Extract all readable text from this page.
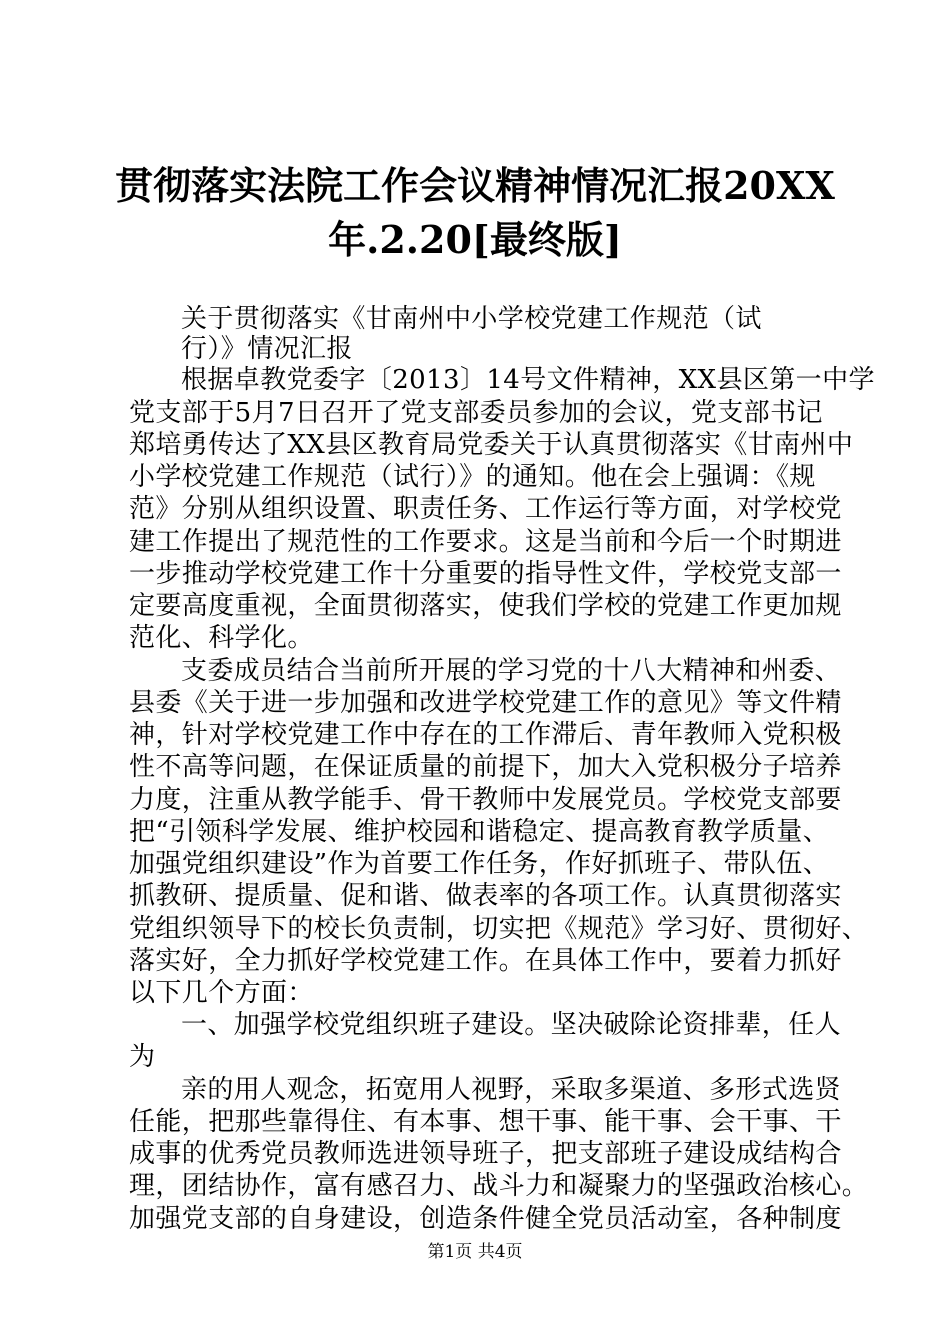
贯彻落实法院工作会议精神情况汇报20XX
年.2.20[最终版]
关于贯彻落实《甘南州中小学校党建工作规范（试
行）》情况汇报
根据卓教党委字〔2013〕14号文件精神，XX县区第一中学
党支部于5月7日召开了党支部委员参加的会议，党支部书记
郑培勇传达了XX县区教育局党委关于认真贯彻落实《甘南州中
小学校党建工作规范（试行）》的通知。他在会上强调：《规
范》分别从组织设置、职责任务、工作运行等方面，对学校党
建工作提出了规范性的工作要求。这是当前和今后一个时期进
一步推动学校党建工作十分重要的指导性文件，学校党支部一
定要高度重视，全面贯彻落实，使我们学校的党建工作更加规
范化、科学化。
支委成员结合当前所开展的学习党的十八大精神和州委、
县委《关于进一步加强和改进学校党建工作的意见》等文件精
神，针对学校党建工作中存在的工作滞后、青年教师入党积极
性不高等问题，在保证质量的前提下，加大入党积极分子培养
力度，注重从教学能手、骨干教师中发展党员。学校党支部要
把“引领科学发展、维护校园和谐稳定、提高教育教学质量、
加强党组织建设”作为首要工作任务，作好抓班子、带队伍、
抓教研、提质量、促和谐、做表率的各项工作。认真贯彻落实
党组织领导下的校长负责制，切实把《规范》学习好、贯彻好、
落实好，全力抓好学校党建工作。在具体工作中，要着力抓好
以下几个方面：
一、加强学校党组织班子建设。坚决破除论资排辈，任人
为
亲的用人观念，拓宽用人视野，采取多渠道、多形式选贤
任能，把那些靠得住、有本事、想干事、能干事、会干事、干
成事的优秀党员教师选进领导班子，把支部班子建设成结构合
理，团结协作，富有感召力、战斗力和凝聚力的坚强政治核心。
加强党支部的自身建设，创造条件健全党员活动室，各种制度
第1页 共4页
